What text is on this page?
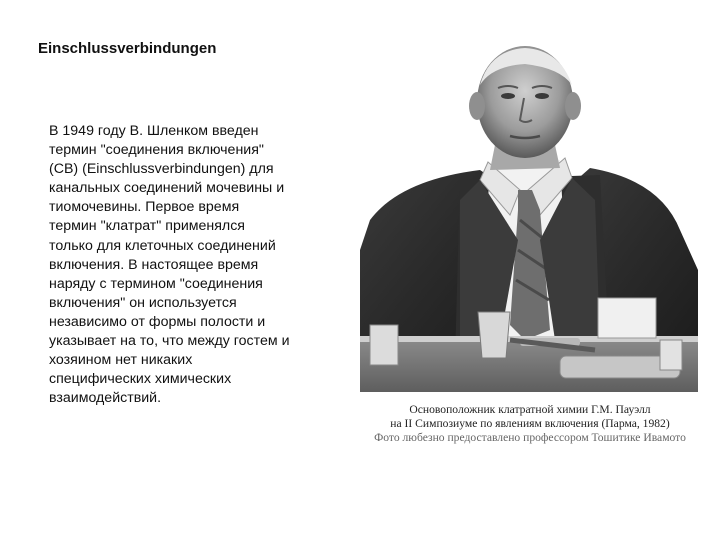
Einschlussverbindungen
В 1949 году В. Шленком введен
термин "соединения включения"
(CB) (Einschlussverbindungen) для
канальных соединений мочевины и
тиомочевины. Первое время
термин "клатрат" применялся
только для клеточных соединений
включения. В настоящее время
наряду с термином "соединения
включения" он используется
независимо от формы полости и
указывает на то, что между гостем и
хозяином нет никаких
специфических химических
взаимодействий.
Основоположник клатратной химии Г.М. Пауэлл
на II Симпозиуме по явлениям включения (Парма, 1982)
Фото любезно предоставлено профессором Тошитике Ивамото
